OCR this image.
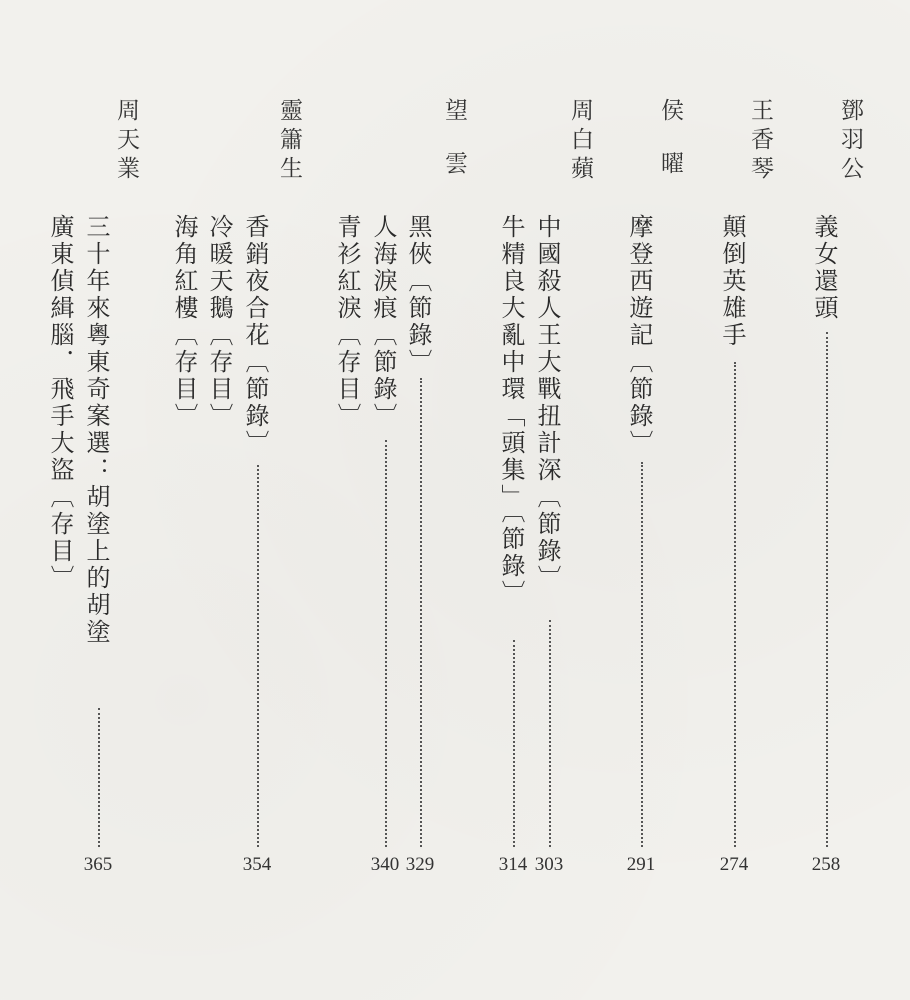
鄧羽公
王香琴
侯曜
周白蘋
望雲
靈簫生
周天業
義女還頭
258
顛倒英雄手
274
摩登西遊記〔節錄〕
291
中國殺人王大戰扭計深〔節錄〕
303
牛精良大亂中環「頭集」〔節錄〕
314
黑俠〔節錄〕
329
人海淚痕〔節錄〕
340
青衫紅淚〔存目〕
香銷夜合花〔節錄〕
354
冷暖天鵝〔存目〕
海角紅樓〔存目〕
三十年來粵東奇案選：胡塗上的胡塗
365
廣東偵緝腦．飛手大盜〔存目〕
